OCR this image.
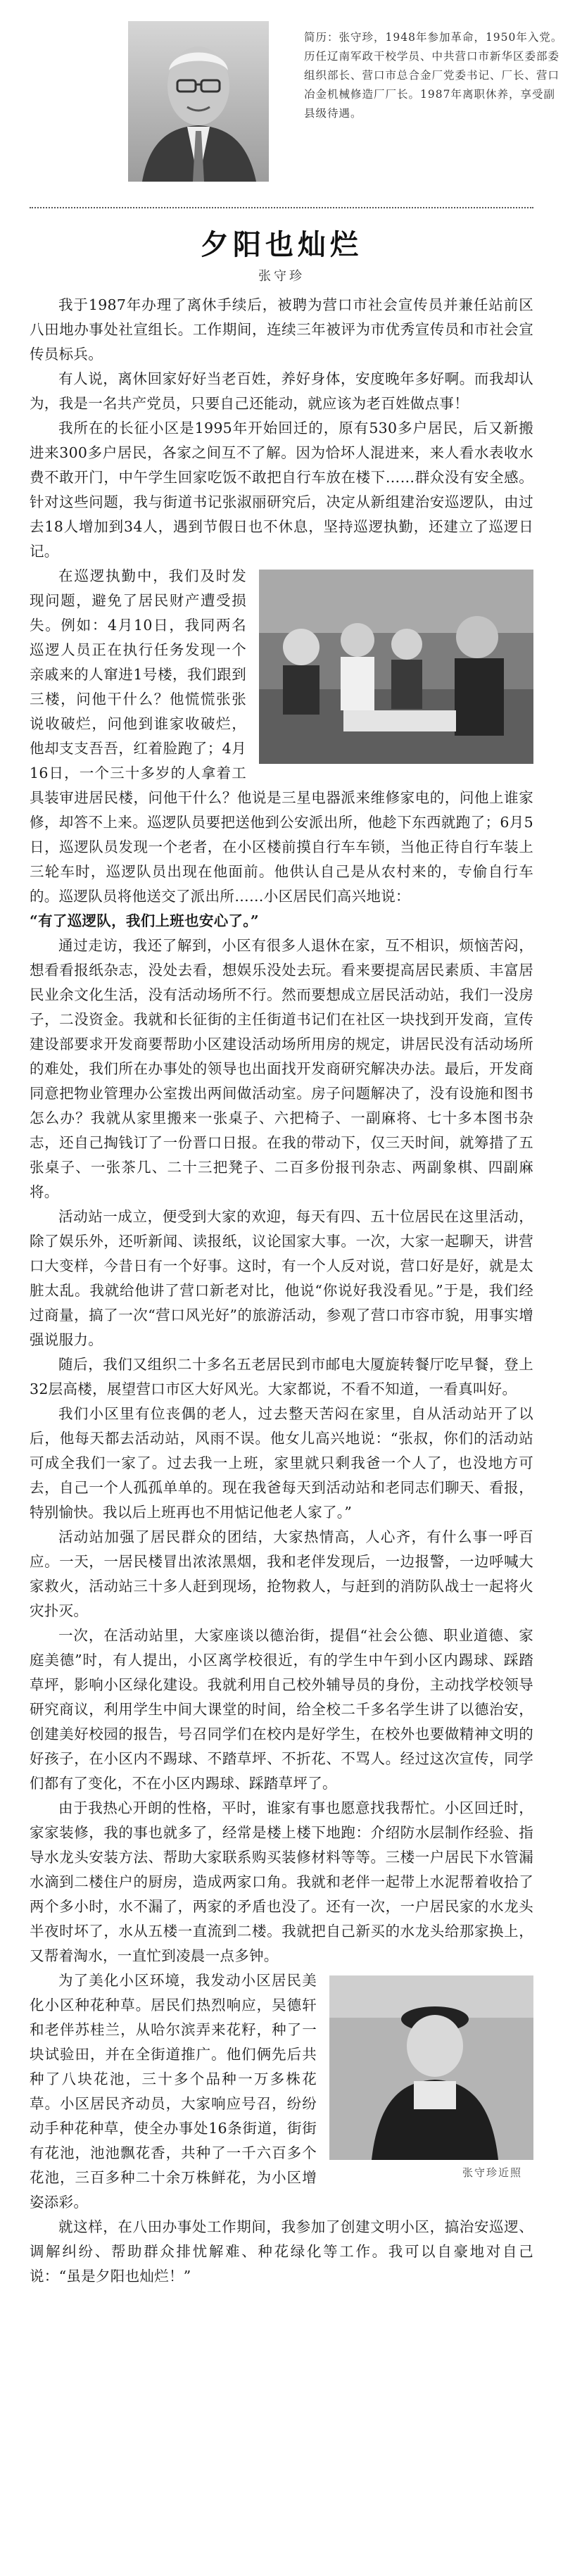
简历：张守珍，1948年参加革命，1950年入党。历任辽南军政干校学员、中共营口市新华区委部委组织部长、营口市总合金厂党委书记、厂长、营口冶金机械修造厂厂长。1987年离职休养，享受副县级待遇。
夕阳也灿烂
张守珍

我于1987年办理了离休手续后，被聘为营口市社会宣传员并兼任站前区八田地办事处社宣组长。工作期间，连续三年被评为市优秀宣传员和市社会宣传员标兵。

有人说，离休回家好好当老百姓，养好身体，安度晚年多好啊。而我却认为，我是一名共产党员，只要自己还能动，就应该为老百姓做点事！

我所在的长征小区是1995年开始回迁的，原有530多户居民，后又新搬进来300多户居民，各家之间互不了解。因为恰坏人混进来，来人看水表收水费不敢开门，中午学生回家吃饭不敢把自行车放在楼下……群众没有安全感。针对这些问题，我与街道书记张淑丽研究后，决定从新组建治安巡逻队，由过去18人增加到34人，遇到节假日也不休息，坚持巡逻执勤，还建立了巡逻日记。

在巡逻执勤中，我们及时发现问题，避免了居民财产遭受损失。例如：4月10日，我同两名巡逻人员正在执行任务发现一个亲戚来的人窜进1号楼，我们跟到三楼，问他干什么？他慌慌张张说收破烂，问他到谁家收破烂，他却支支吾吾，红着脸跑了；4月16日，一个三十多岁的人拿着工具装审进居民楼，问他干什么？他说是三星电器派来维修家电的，问他上谁家修，却答不上来。巡逻队员要把送他到公安派出所，他趁下东西就跑了；6月5日，巡逻队员发现一个老者，在小区楼前摸自行车车锁，当他正待自行车装上三轮车时，巡逻队员出现在他面前。他供认自己是从农村来的，专偷自行车的。巡逻队员将他送交了派出所……小区居民们高兴地说：

“有了巡逻队，我们上班也安心了。”

通过走访，我还了解到，小区有很多人退休在家，互不相识，烦恼苦闷，想看看报纸杂志，没处去看，想娱乐没处去玩。看来要提高居民素质、丰富居民业余文化生活，没有活动场所不行。然而要想成立居民活动站，我们一没房子，二没资金。我就和长征街的主任街道书记们在社区一块找到开发商，宣传建设部要求开发商要帮助小区建设活动场所用房的规定，讲居民没有活动场所的难处，我们所在办事处的领导也出面找开发商研究解决办法。最后，开发商同意把物业管理办公室拨出两间做活动室。房子问题解决了，没有设施和图书怎么办？我就从家里搬来一张桌子、六把椅子、一副麻将、七十多本图书杂志，还自己掏钱订了一份晋口日报。在我的带动下，仅三天时间，就筹措了五张桌子、一张茶几、二十三把凳子、二百多份报刊杂志、两副象棋、四副麻将。

活动站一成立，便受到大家的欢迎，每天有四、五十位居民在这里活动，除了娱乐外，还听新闻、读报纸，议论国家大事。一次，大家一起聊天，讲营口大变样，今昔日有一个好事。这时，有一个人反对说，营口好是好，就是太脏太乱。我就给他讲了营口新老对比，他说“你说好我没看见。”于是，我们经过商量，搞了一次“营口风光好”的旅游活动，参观了营口市容市貌，用事实增强说服力。

随后，我们又组织二十多名五老居民到市邮电大厦旋转餐厅吃早餐，登上32层高楼，展望营口市区大好风光。大家都说，不看不知道，一看真叫好。

我们小区里有位丧偶的老人，过去整天苦闷在家里，自从活动站开了以后，他每天都去活动站，风雨不误。他女儿高兴地说：“张叔，你们的活动站可成全我们一家了。过去我一上班，家里就只剩我爸一个人了，也没地方可去，自己一个人孤孤单单的。现在我爸每天到活动站和老同志们聊天、看报，特别愉快。我以后上班再也不用惦记他老人家了。”

活动站加强了居民群众的团结，大家热情高，人心齐，有什么事一呼百应。一天，一居民楼冒出浓浓黑烟，我和老伴发现后，一边报警，一边呼喊大家救火，活动站三十多人赶到现场，抢物救人，与赶到的消防队战士一起将火灾扑灭。

一次，在活动站里，大家座谈以德治街，提倡“社会公德、职业道德、家庭美德”时，有人提出，小区离学校很近，有的学生中午到小区内踢球、踩踏草坪，影响小区绿化建设。我就利用自己校外辅导员的身份，主动找学校领导研究商议，利用学生中间大课堂的时间，给全校二千多名学生讲了以德治安，创建美好校园的报告，号召同学们在校内是好学生，在校外也要做精神文明的好孩子，在小区内不踢球、不踏草坪、不折花、不骂人。经过这次宣传，同学们都有了变化，不在小区内踢球、踩踏草坪了。

由于我热心开朗的性格，平时，谁家有事也愿意找我帮忙。小区回迁时，家家装修，我的事也就多了，经常是楼上楼下地跑：介绍防水层制作经验、指导水龙头安装方法、帮助大家联系购买装修材料等等。三楼一户居民下水管漏水滴到二楼住户的厨房，造成两家口角。我就和老伴一起带上水泥帮着收拾了两个多小时，水不漏了，两家的矛盾也没了。还有一次，一户居民家的水龙头半夜时坏了，水从五楼一直流到二楼。我就把自己新买的水龙头给那家换上，又帮着淘水，一直忙到凌晨一点多钟。

张守珍近照

为了美化小区环境，我发动小区居民美化小区种花种草。居民们热烈响应，吴德轩和老伴苏桂兰，从哈尔滨弄来花籽，种了一块试验田，并在全街道推广。他们俩先后共种了八块花池，三十多个品种一万多株花草。小区居民齐动员，大家响应号召，纷纷动手种花种草，使全办事处16条街道，街街有花池，池池飘花香，共种了一千六百多个花池，三百多种二十余万株鲜花，为小区增姿添彩。

就这样，在八田办事处工作期间，我参加了创建文明小区，搞治安巡逻、调解纠纷、帮助群众排忧解难、种花绿化等工作。我可以自豪地对自己说：“虽是夕阳也灿烂！”
